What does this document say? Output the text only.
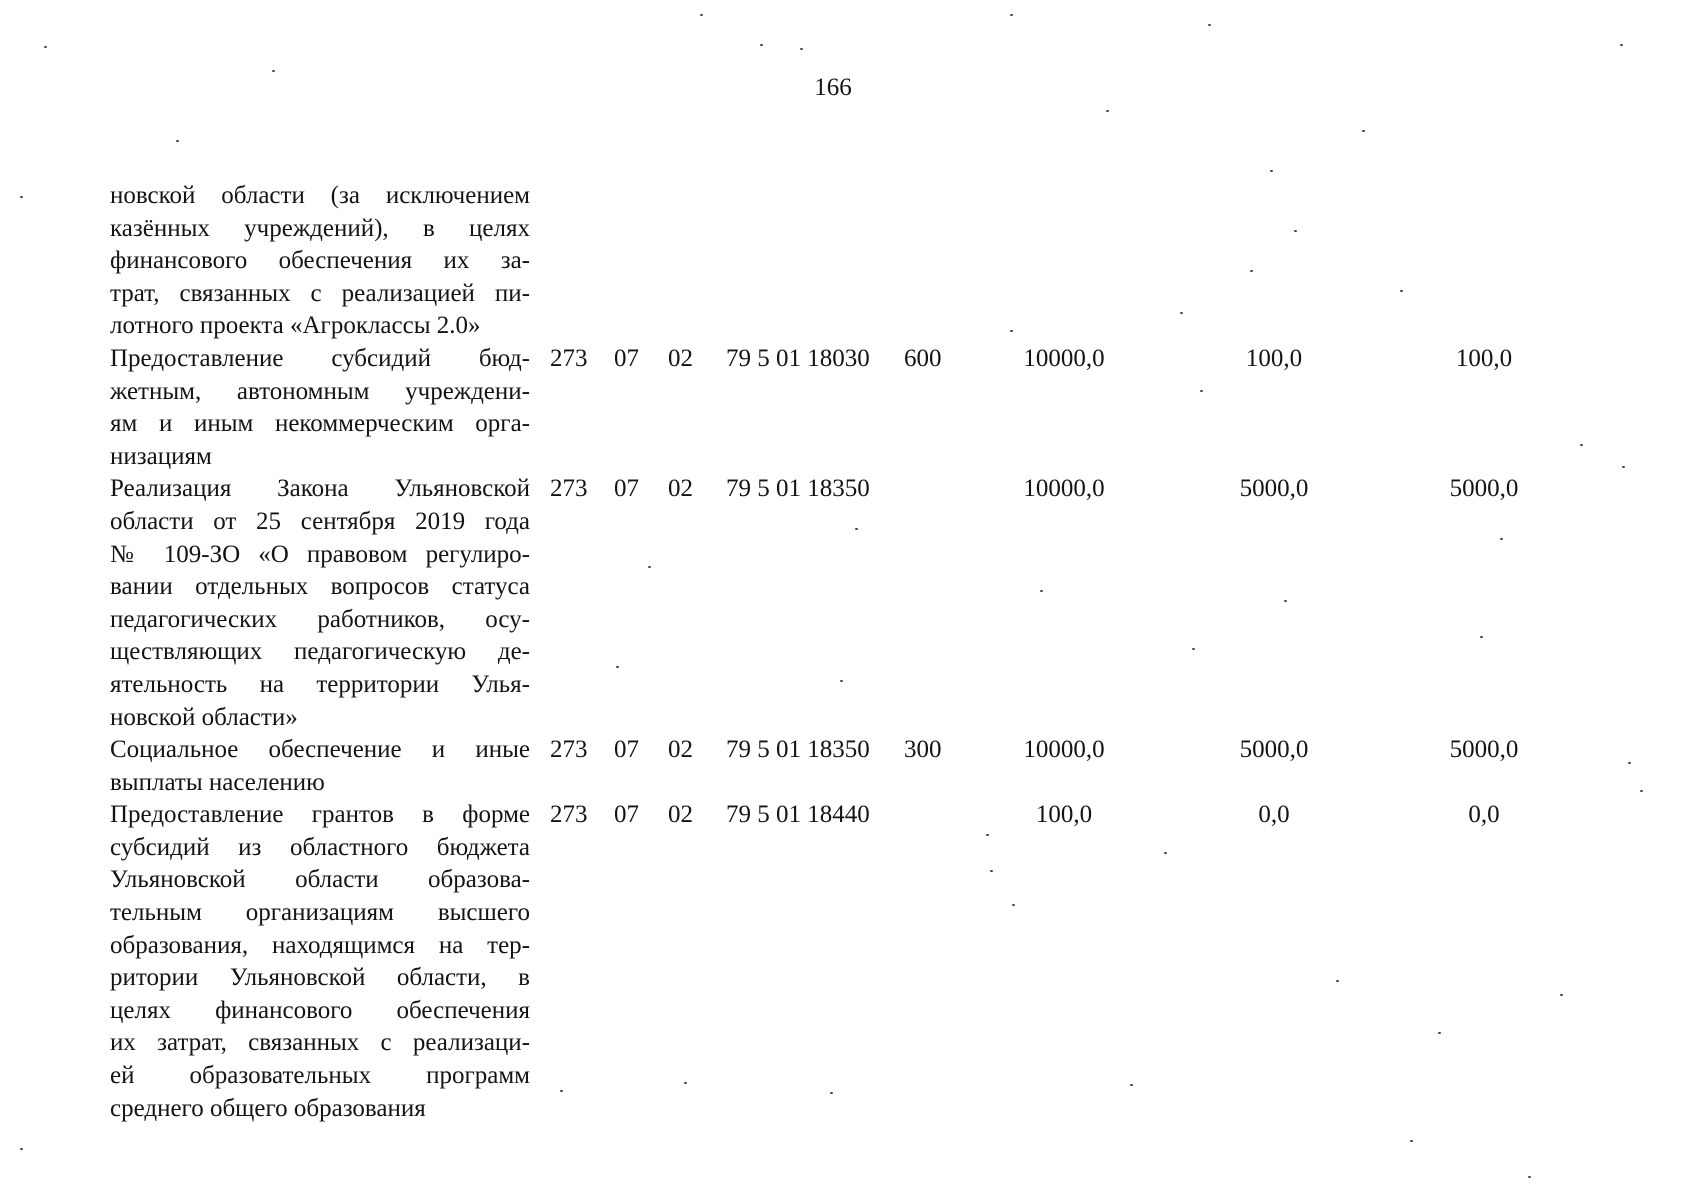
166
новской области (за исключением
казённых учреждений), в целях
финансового обеспечения их за-
трат, связанных с реализацией пи-
лотного проекта «Агроклассы 2.0»
Предоставление субсидий бюд-
жетным, автономным учреждени-
ям и иным некоммерческим орга-
низациям
273 07 02 79 5 01 18030 600	10000,0	100,0	100,0
Реализация Закона Ульяновской
области от 25 сентября 2019 года
№ 109-ЗО «О правовом регулиро-
вании отдельных вопросов статуса
педагогических работников, осу-
ществляющих педагогическую де-
ятельность на территории Улья-
новской области»
273 07 02 79 5 01 18350	10000,0	5000,0	5000,0
Социальное обеспечение и иные
выплаты населению
273 07 02 79 5 01 18350 300	10000,0	5000,0	5000,0
Предоставление грантов в форме
субсидий из областного бюджета
Ульяновской области образова-
тельным организациям высшего
образования, находящимся на тер-
ритории Ульяновской области, в
целях финансового обеспечения
их затрат, связанных с реализаци-
ей образовательных программ
среднего общего образования
273 07 02 79 5 01 18440	100,0	0,0	0,0
